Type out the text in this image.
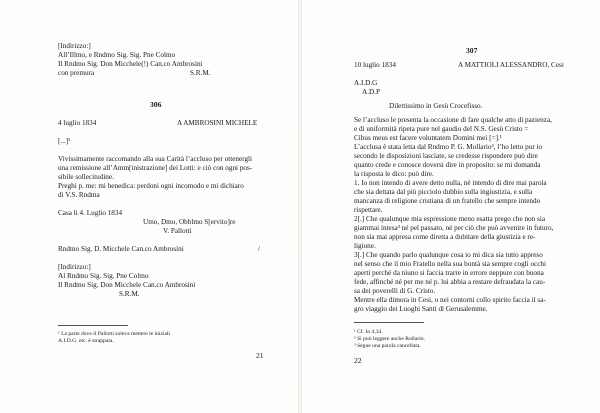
[Indirizzo:]
All’Illmo, e Rndmo Sig. Sig. Pne Colmo
Il Rndmo Sig. Don Micchele(!) Can.co Ambrosini
con premura	S.R.M.
306
4 luglio 1834	A AMBROSINI MICHELE
[...]¹
Vivissimamente raccomando alla sua Carità l’accluso per ottenergli
una remissione all’Amm[inistrazione] dei Lotti: e ciò con ogni pos-
sibile sollecitudine.
Preghi p. me: mi benedica: perdoni ogni incomodo e mi dichiaro
di V.S. Rndma
Casa li 4. Luglio 1834
Umo, Dmo, Obblmo S[ervito]re
V. Pallotti
Rndmo Sig. D. Micchele Can.co Ambrosini	/
[Indirizzo:]
Al Rndmo Sig. Sig. Pne Colmo
Il Rndmo Sig. Don Micchele Can.co Ambrosini
S.R.M.
¹ La parte dove il Pallotti soleva mettere le iniziali
A.I.D.G. etc. è strappata.
21
307
10 luglio 1834	A MATTIOLI ALESSANDRO, Cesi
A.I.D.G
A.D.P
Dilettissimo in Gesù Crocefisso.
Se l’accluso le presenta la occasione di fare qualche atto di pazienza,
e di uniformità ripeta pure nel gaudio del N.S. Gesù Cristo =
Cibus meus est facere voluntatem Domini mei [=].¹
L’acclusa è stata letta dal Rndmo P. G. Mollario², l’ho letto pur io
secondo le disposizioni lasciate, se credesse rispondere può dire
quanto crede e conosce doversi dire in proposito: se mi domanda
la risposta le dico: può dire.
1. Io non intendo di avere detto nulla, né intendo di dire mai parola
che sia dettata dal più picciolo dubbio sulla ingiustizia, e sulla
mancanza di religione cristiana di un fratello che sempre intendo
rispettare.
2[.] Che qualunque mia espressione meno esatta prego che non sia
giammai intesa³ né pel passato, né per ciò che può avvenire in futuro,
non sia mai appresa come diretta a dubitare della giustizia e re-
ligione.
3[.] Che quando parlo qualunque cosa io mi dica sia tutto appreso
nel senso che il mio Fratello nella sua bontà sia sempre cogli occhi
aperti perché da niuno si faccia trarre in errore neppure con buona
fede, affinché né per me né p. lui abbia a restare defraudata la cau-
sa dei poverelli di G. Cristo.
Mentre ella dimora in Cesi, o nei contorni collo spirito faccia il sa-
gro viaggio dei Luoghi Santi di Gerusalemme.
¹ Cf. Io 4,34.
² Si può leggere anche Rollario.
³ Segue una parola cancellata.
22
